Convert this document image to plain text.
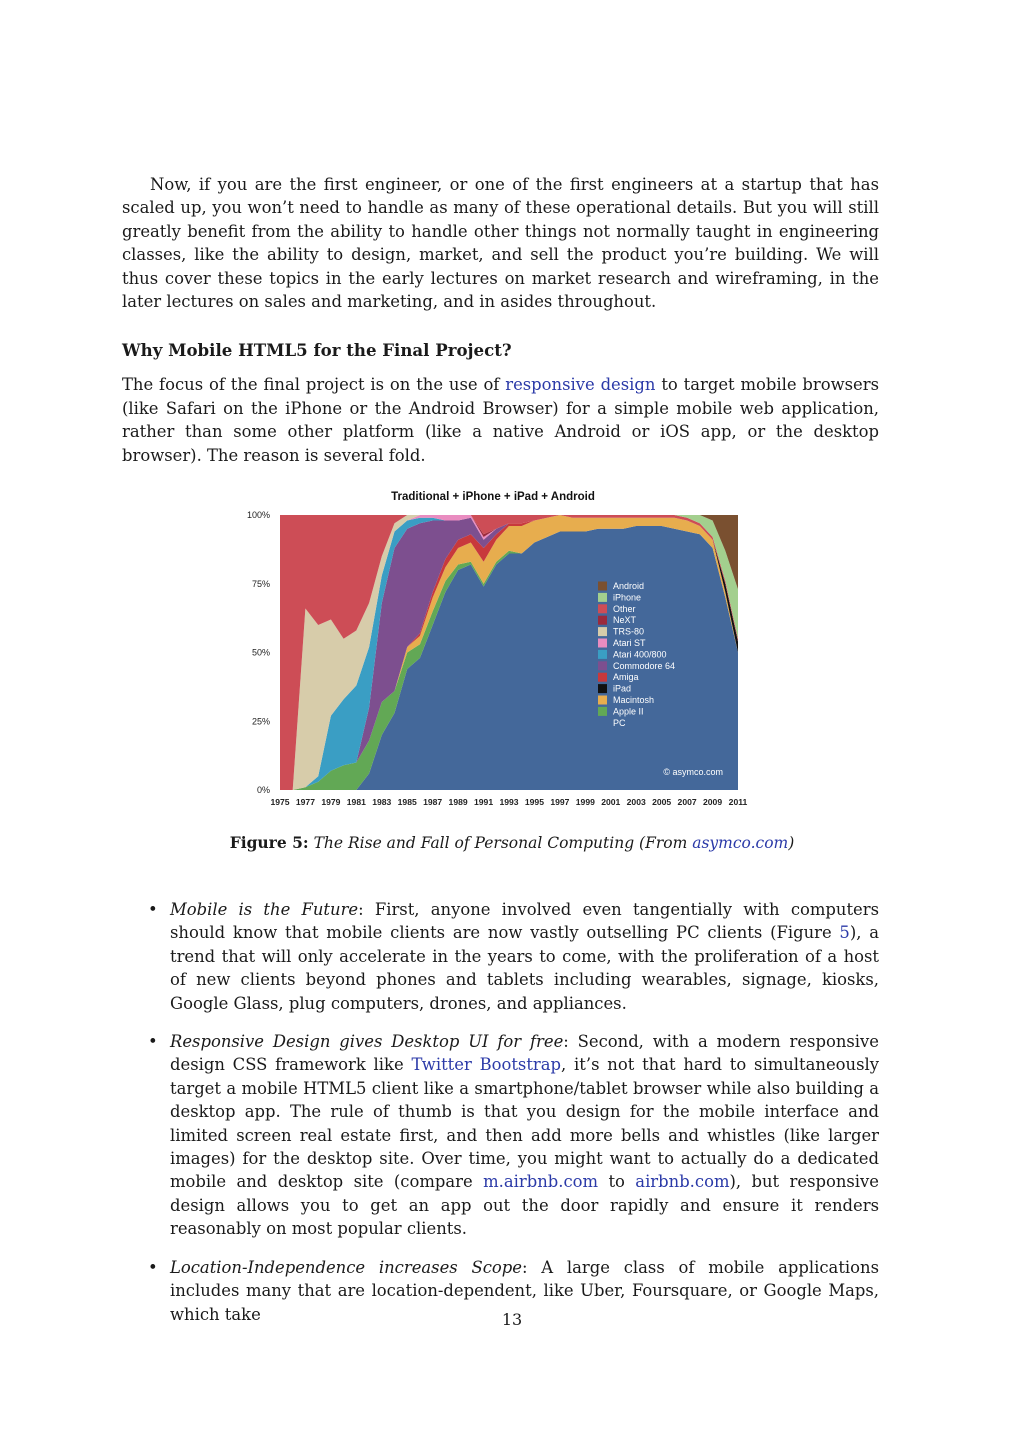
Now, if you are the first engineer, or one of the first engineers at a startup that has scaled up, you won’t need to handle as many of these operational details. But you will still greatly benefit from the ability to handle other things not normally taught in engineering classes, like the ability to design, market, and sell the product you’re building. We will thus cover these topics in the early lectures on market research and wireframing, in the later lectures on sales and marketing, and in asides throughout.

Why Mobile HTML5 for the Final Project?

The focus of the final project is on the use of responsive design to target mobile browsers (like Safari on the iPhone or the Android Browser) for a simple mobile web application, rather than some other platform (like a native Android or iOS app, or the desktop browser). The reason is several fold.

Traditional + iPhone + iPad + Android
0%
25%
50%
75%
100%
1975 1977 1979 1981 1983 1985 1987 1989 1991 1993 1995 1997 1999 2001 2003 2005 2007 2009 2011
Android
iPhone
Other
NeXT
TRS-80
Atari ST
Atari 400/800
Commodore 64
Amiga
iPad
Macintosh
Apple II
PC
© asymco.com
Figure 5: The Rise and Fall of Personal Computing (From asymco.com)
• Mobile is the Future: First, anyone involved even tangentially with computers should know that mobile clients are now vastly outselling PC clients (Figure 5), a trend that will only accelerate in the years to come, with the proliferation of a host of new clients beyond phones and tablets including wearables, signage, kiosks, Google Glass, plug computers, drones, and appliances.
• Responsive Design gives Desktop UI for free: Second, with a modern responsive design CSS framework like Twitter Bootstrap, it’s not that hard to simultaneously target a mobile HTML5 client like a smartphone/tablet browser while also building a desktop app. The rule of thumb is that you design for the mobile interface and limited screen real estate first, and then add more bells and whistles (like larger images) for the desktop site. Over time, you might want to actually do a dedicated mobile and desktop site (compare m.airbnb.com to airbnb.com), but responsive design allows you to get an app out the door rapidly and ensure it renders reasonably on most popular clients.
• Location-Independence increases Scope: A large class of mobile applications includes many that are location-dependent, like Uber, Foursquare, or Google Maps, which take	13
